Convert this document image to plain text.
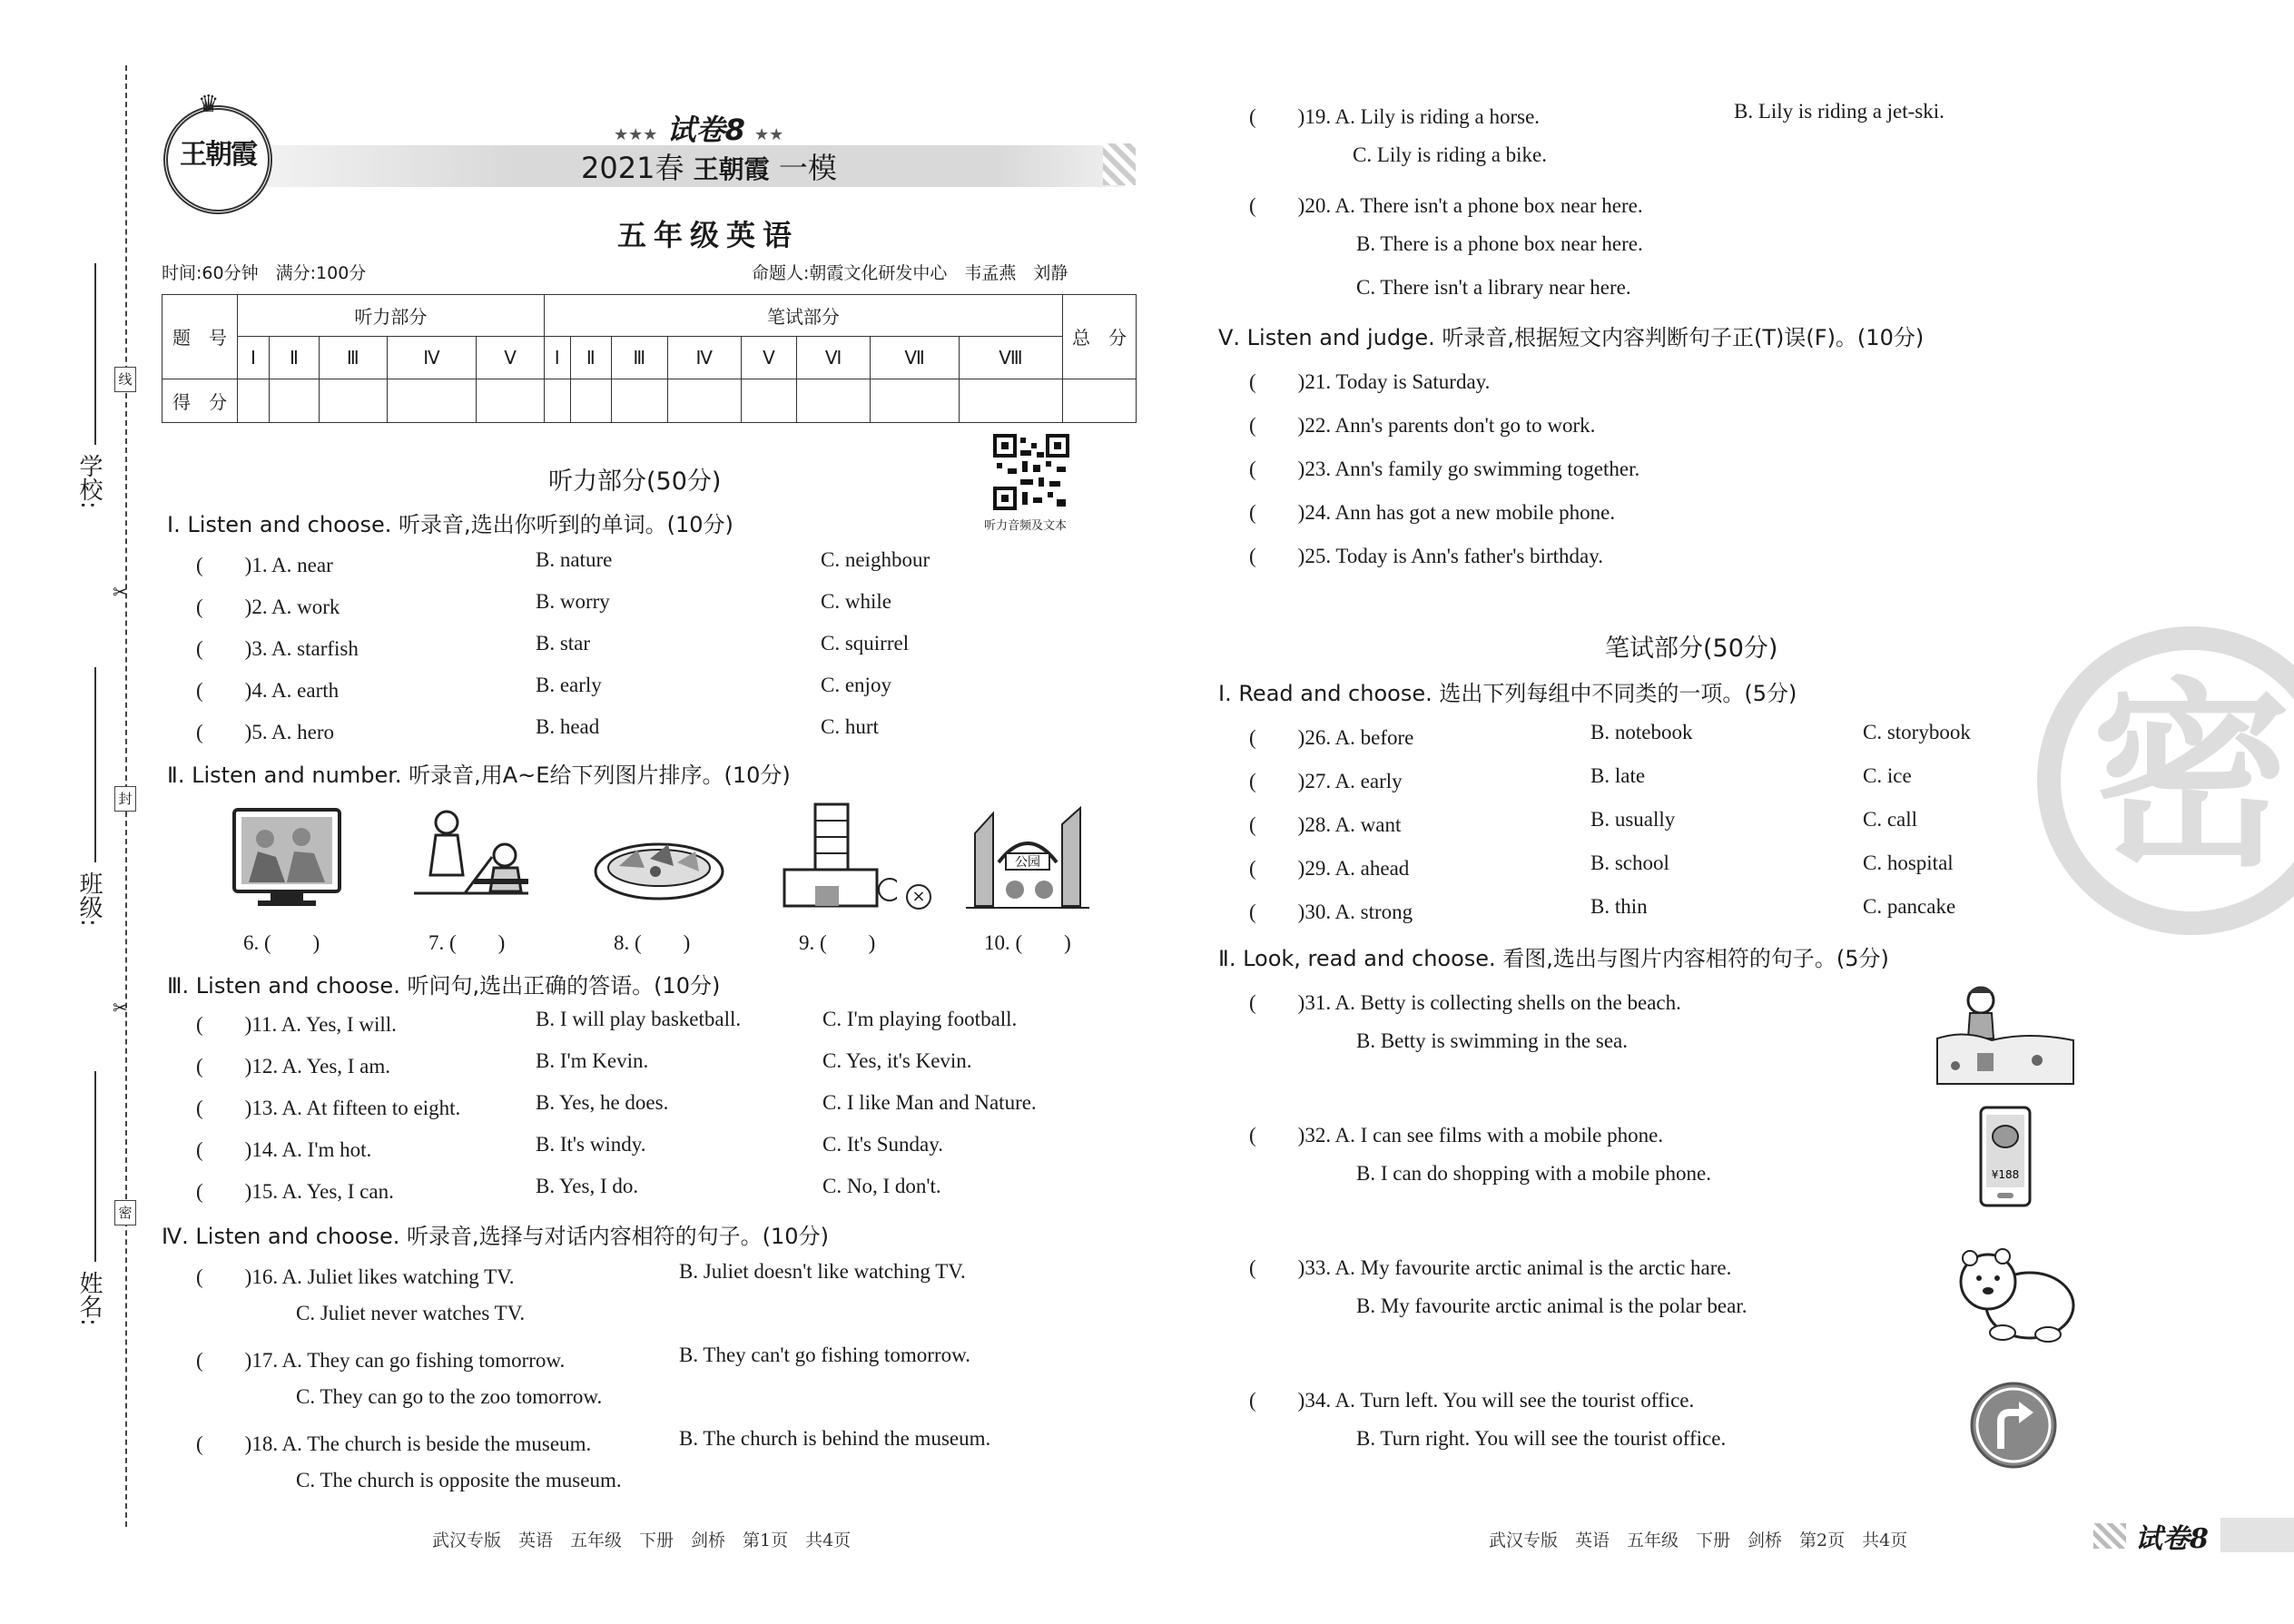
学校:
班级:
姓名:
线
封
密
✂
✂
王朝霞
♛
★★★ 试卷8 ★★
2021春 王朝霞 一模
五年级英语
时间:60分钟　 满分:100分	命题人:朝霞文化研发中心　韦孟燕　刘静
题　号	听力部分					笔试部分								总　分
	Ⅰ	Ⅱ	Ⅲ	Ⅳ	Ⅴ	Ⅰ	Ⅱ	Ⅲ	Ⅳ	Ⅴ	Ⅵ	Ⅶ	Ⅷ	
得　分														
听力部分(50分)
听力音频及文本
Ⅰ. Listen and choose. 听录音,选出你听到的单词。(10分)
(　　)1. A. near	B. nature	C. neighbour
(　　)2. A. work	B. worry	C. while
(　　)3. A. starfish	B. star	C. squirrel
(　　)4. A. earth	B. early	C. enjoy
(　　)5. A. hero	B. head	C. hurt
Ⅱ. Listen and number. 听录音,用A~E给下列图片排序。(10分)
×
公园
6. (　　)	7. (　　)	8. (　　)	9. (　　)	10. (　　)
Ⅲ. Listen and choose. 听问句,选出正确的答语。(10分)
(　　)11. A. Yes, I will.	B. I will play basketball.	C. I'm playing football.
(　　)12. A. Yes, I am.	B. I'm Kevin.	C. Yes, it's Kevin.
(　　)13. A. At fifteen to eight.	B. Yes, he does.	C. I like Man and Nature.
(　　)14. A. I'm hot.	B. It's windy.	C. It's Sunday.
(　　)15. A. Yes, I can.	B. Yes, I do.	C. No, I don't.
Ⅳ. Listen and choose. 听录音,选择与对话内容相符的句子。(10分)
(　　)16. A. Juliet likes watching TV.	B. Juliet doesn't like watching TV.
C. Juliet never watches TV.
(　　)17. A. They can go fishing tomorrow.	B. They can't go fishing tomorrow.
C. They can go to the zoo tomorrow.
(　　)18. A. The church is beside the museum.	B. The church is behind the museum.
C. The church is opposite the museum.
武汉专版　英语　五年级　下册　剑桥　第1页　共4页
(　　)19. A. Lily is riding a horse.	B. Lily is riding a jet-ski.
C. Lily is riding a bike.
(　　)20. A. There isn't a phone box near here.
B. There is a phone box near here.
C. There isn't a library near here.
Ⅴ. Listen and judge. 听录音,根据短文内容判断句子正(T)误(F)。(10分)
(　　)21. Today is Saturday.
(　　)22. Ann's parents don't go to work.
(　　)23. Ann's family go swimming together.
(　　)24. Ann has got a new mobile phone.
(　　)25. Today is Ann's father's birthday.
密
笔试部分(50分)
Ⅰ. Read and choose. 选出下列每组中不同类的一项。(5分)
(　　)26. A. before	B. notebook	C. storybook
(　　)27. A. early	B. late	C. ice
(　　)28. A. want	B. usually	C. call
(　　)29. A. ahead	B. school	C. hospital
(　　)30. A. strong	B. thin	C. pancake
Ⅱ. Look, read and choose. 看图,选出与图片内容相符的句子。(5分)
(　　)31. A. Betty is collecting shells on the beach.
B. Betty is swimming in the sea.
(　　)32. A. I can see films with a mobile phone.
B. I can do shopping with a mobile phone.
(　　)33. A. My favourite arctic animal is the arctic hare.
B. My favourite arctic animal is the polar bear.
(　　)34. A. Turn left. You will see the tourist office.
B. Turn right. You will see the tourist office.
¥188
武汉专版　英语　五年级　下册　剑桥　第2页　共4页	试卷8
